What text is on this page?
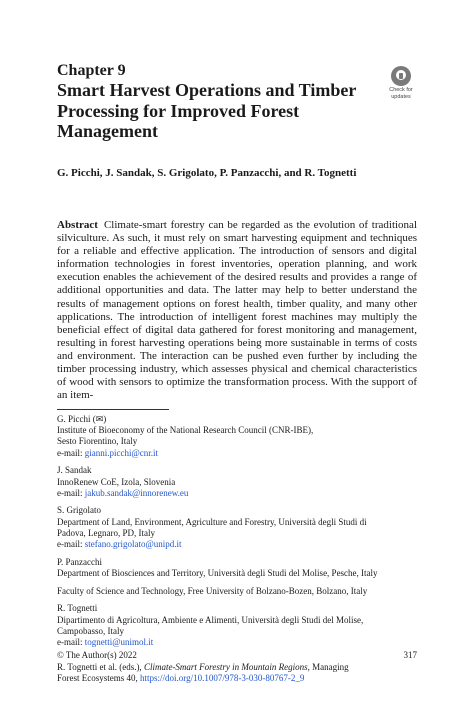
Chapter 9
Smart Harvest Operations and Timber Processing for Improved Forest Management
Check for
updates
G. Picchi, J. Sandak, S. Grigolato, P. Panzacchi, and R. Tognetti

Abstract Climate-smart forestry can be regarded as the evolution of traditional silviculture. As such, it must rely on smart harvesting equipment and techniques for a reliable and effective application. The introduction of sensors and digital information technologies in forest inventories, operation planning, and work execution enables the achievement of the desired results and provides a range of additional opportunities and data. The latter may help to better understand the results of management options on forest health, timber quality, and many other applications. The introduction of intelligent forest machines may multiply the beneficial effect of digital data gathered for forest monitoring and management, resulting in forest harvesting operations being more sustainable in terms of costs and environment. The interaction can be pushed even further by including the timber processing industry, which assesses physical and chemical characteristics of wood with sensors to optimize the transformation process. With the support of an item-

G. Picchi (✉)
Institute of Bioeconomy of the National Research Council (CNR-IBE),
Sesto Fiorentino, Italy
e-mail: gianni.picchi@cnr.it
J. Sandak
InnoRenew CoE, Izola, Slovenia
e-mail: jakub.sandak@innorenew.eu
S. Grigolato
Department of Land, Environment, Agriculture and Forestry, Università degli Studi di
Padova, Legnaro, PD, Italy
e-mail: stefano.grigolato@unipd.it
P. Panzacchi
Department of Biosciences and Territory, Università degli Studi del Molise, Pesche, Italy
Faculty of Science and Technology, Free University of Bolzano-Bozen, Bolzano, Italy
R. Tognetti
Dipartimento di Agricoltura, Ambiente e Alimenti, Università degli Studi del Molise,
Campobasso, Italy
e-mail: tognetti@unimol.it
© The Author(s) 2022	317
R. Tognetti et al. (eds.), Climate-Smart Forestry in Mountain Regions, Managing
Forest Ecosystems 40, https://doi.org/10.1007/978-3-030-80767-2_9
